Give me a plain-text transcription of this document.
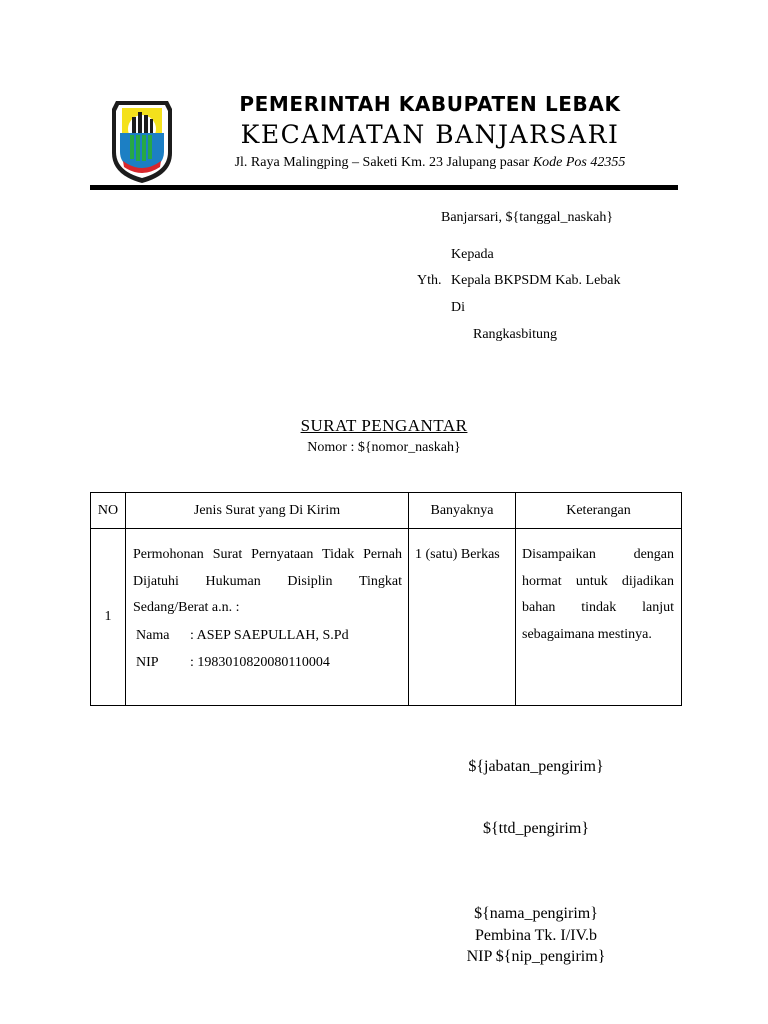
PEMERINTAH KABUPATEN LEBAK
KECAMATAN BANJARSARI
Jl. Raya Malingping – Saketi Km. 23 Jalupang pasar Kode Pos 42355
Banjarsari, ${tanggal_naskah}
Kepada
Yth. Kepala BKPSDM Kab. Lebak
Di
Rangkasbitung
SURAT PENGANTAR
Nomor : ${nomor_naskah}
NO	Jenis Surat yang Di Kirim	Banyaknya	Keterangan
1	Permohonan Surat Pernyataan Tidak Pernah Dijatuhi Hukuman Disiplin Tingkat Sedang/Berat a.n. :
Nama : ASEP SAEPULLAH, S.Pd
NIP : 1983010820080110004	1 (satu) Berkas	Disampaikan dengan hormat untuk dijadikan bahan tindak lanjut sebagaimana mestinya.
${jabatan_pengirim}
${ttd_pengirim}
${nama_pengirim}
Pembina Tk. I/IV.b
NIP ${nip_pengirim}
